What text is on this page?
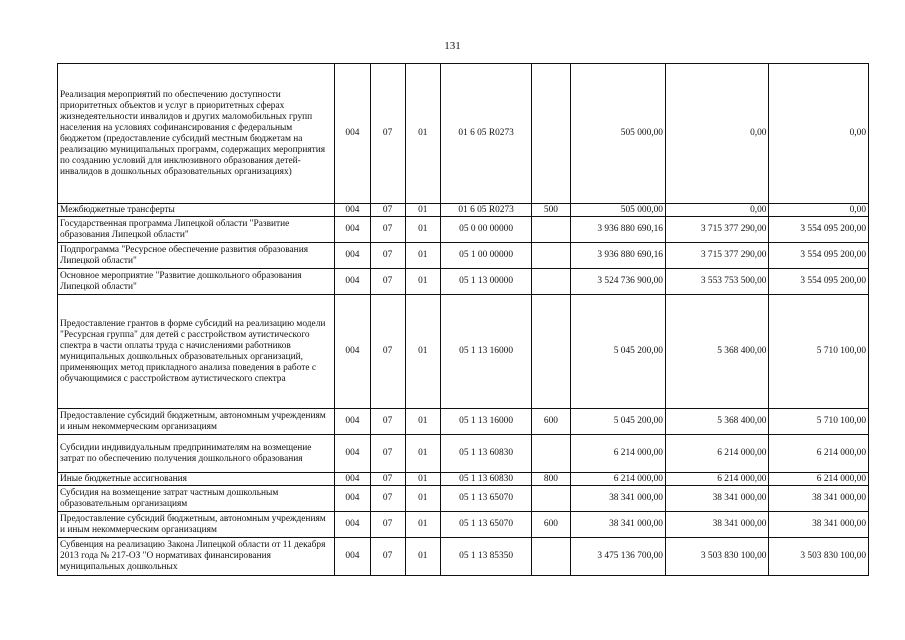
131
Реализация мероприятий по обеспечению доступности приоритетных объектов и услуг в приоритетных сферах жизнедеятельности инвалидов и других маломобильных групп населения на условиях софинансирования с федеральным бюджетом (предоставление субсидий местным бюджетам на реализацию муниципальных программ, содержащих мероприятия по созданию условий для инклюзивного образования детей-инвалидов в дошкольных образовательных организациях)	004	07	01	01 6 05 R0273		505 000,00	0,00	0,00
Межбюджетные трансферты	004	07	01	01 6 05 R0273	500	505 000,00	0,00	0,00
Государственная программа Липецкой области "Развитие образования Липецкой области"	004	07	01	05 0 00 00000		3 936 880 690,16	3 715 377 290,00	3 554 095 200,00
Подпрограмма "Ресурсное обеспечение развития образования Липецкой области"	004	07	01	05 1 00 00000		3 936 880 690,16	3 715 377 290,00	3 554 095 200,00
Основное мероприятие "Развитие дошкольного образования Липецкой области"	004	07	01	05 1 13 00000		3 524 736 900,00	3 553 753 500,00	3 554 095 200,00
Предоставление грантов в форме субсидий на реализацию модели "Ресурсная группа" для детей с расстройством аутистического спектра в части оплаты труда с начислениями работников муниципальных дошкольных образовательных организаций, применяющих метод прикладного анализа поведения в работе с обучающимися с расстройством аутистического спектра	004	07	01	05 1 13 16000		5 045 200,00	5 368 400,00	5 710 100,00
Предоставление субсидий бюджетным, автономным учреждениям и иным некоммерческим организациям	004	07	01	05 1 13 16000	600	5 045 200,00	5 368 400,00	5 710 100,00
Субсидии индивидуальным предпринимателям на возмещение затрат по обеспечению получения дошкольного образования	004	07	01	05 1 13 60830		6 214 000,00	6 214 000,00	6 214 000,00
Иные бюджетные ассигнования	004	07	01	05 1 13 60830	800	6 214 000,00	6 214 000,00	6 214 000,00
Субсидия на возмещение затрат частным дошкольным образовательным организациям	004	07	01	05 1 13 65070		38 341 000,00	38 341 000,00	38 341 000,00
Предоставление субсидий бюджетным, автономным учреждениям и иным некоммерческим организациям	004	07	01	05 1 13 65070	600	38 341 000,00	38 341 000,00	38 341 000,00
Субвенция на реализацию Закона Липецкой области от 11 декабря 2013 года № 217-ОЗ "О нормативах финансирования муниципальных дошкольных	004	07	01	05 1 13 85350		3 475 136 700,00	3 503 830 100,00	3 503 830 100,00
